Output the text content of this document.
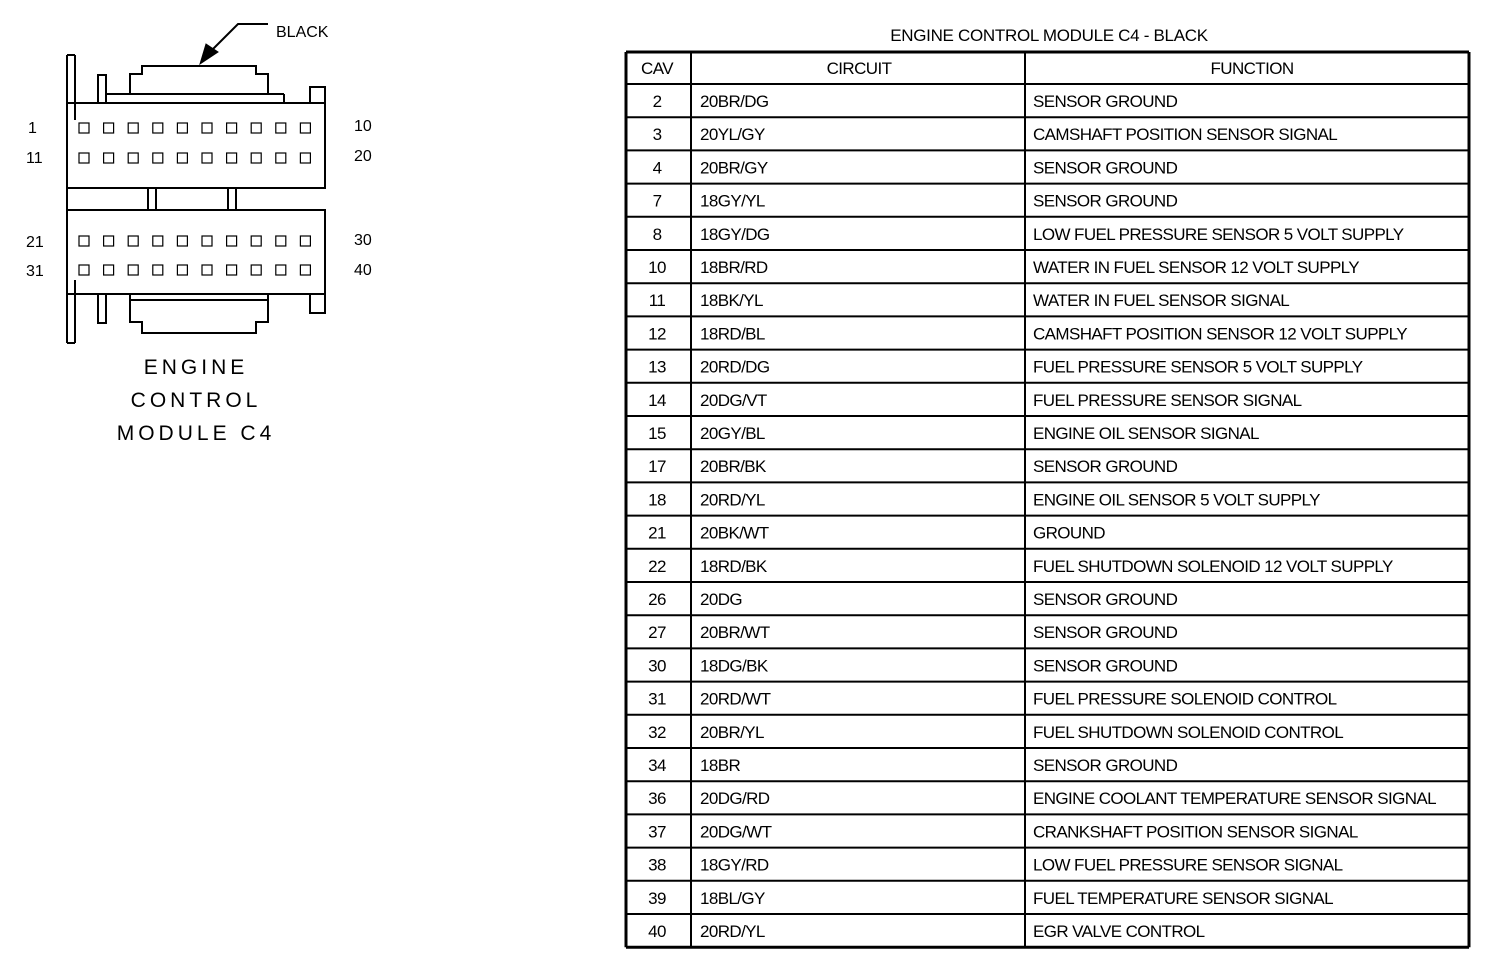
BLACK
1	10
11	20
21	30
31	40
ENGINE
CONTROL
MODULE C4
ENGINE CONTROL MODULE C4 - BLACK
CAV	CIRCUIT	FUNCTION
2 20BR/DG	SENSOR GROUND
3 20YL/GY	CAMSHAFT POSITION SENSOR SIGNAL
4 20BR/GY	SENSOR GROUND
7 18GY/YL	SENSOR GROUND
8 18GY/DG	LOW FUEL PRESSURE SENSOR 5 VOLT SUPPLY
10 18BR/RD	WATER IN FUEL SENSOR 12 VOLT SUPPLY
11 18BK/YL	WATER IN FUEL SENSOR SIGNAL
12 18RD/BL	CAMSHAFT POSITION SENSOR 12 VOLT SUPPLY
13 20RD/DG	FUEL PRESSURE SENSOR 5 VOLT SUPPLY
14 20DG/VT	FUEL PRESSURE SENSOR SIGNAL
15 20GY/BL	ENGINE OIL SENSOR SIGNAL
17 20BR/BK	SENSOR GROUND
18 20RD/YL	ENGINE OIL SENSOR 5 VOLT SUPPLY
21 20BK/WT	GROUND
22 18RD/BK	FUEL SHUTDOWN SOLENOID 12 VOLT SUPPLY
26 20DG	SENSOR GROUND
27 20BR/WT	SENSOR GROUND
30 18DG/BK	SENSOR GROUND
31 20RD/WT	FUEL PRESSURE SOLENOID CONTROL
32 20BR/YL	FUEL SHUTDOWN SOLENOID CONTROL
34 18BR	SENSOR GROUND
36 20DG/RD	ENGINE COOLANT TEMPERATURE SENSOR SIGNAL
37 20DG/WT	CRANKSHAFT POSITION SENSOR SIGNAL
38 18GY/RD	LOW FUEL PRESSURE SENSOR SIGNAL
39 18BL/GY	FUEL TEMPERATURE SENSOR SIGNAL
40 20RD/YL	EGR VALVE CONTROL
